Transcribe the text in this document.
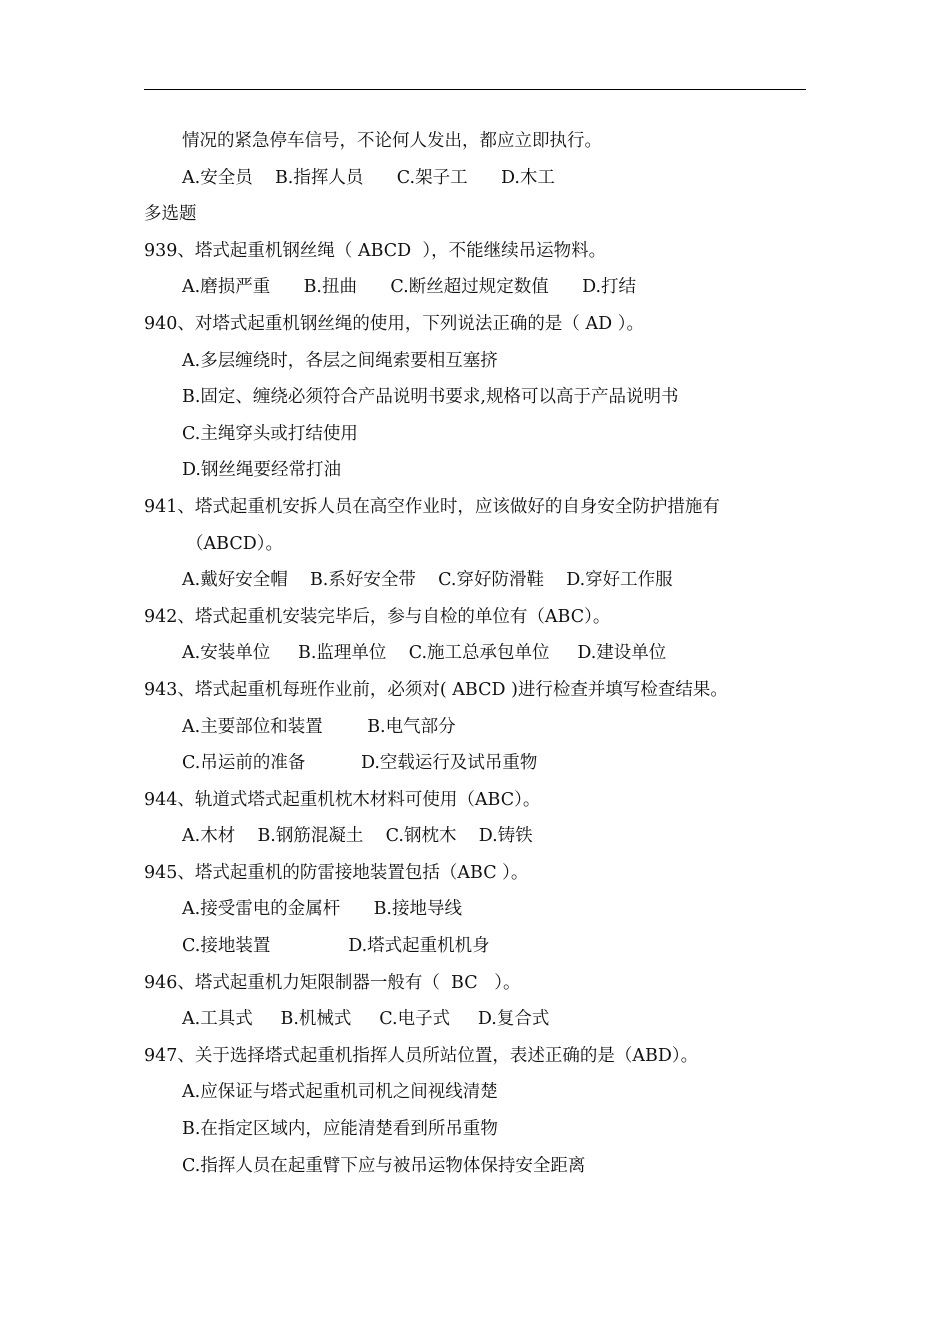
情况的紧急停车信号，不论何人发出，都应立即执行。
A.安全员    B.指挥人员      C.架子工      D.木工
多选题
939、塔式起重机钢丝绳（ ABCD  ），不能继续吊运物料。
A.磨损严重      B.扭曲      C.断丝超过规定数值      D.打结
940、对塔式起重机钢丝绳的使用，下列说法正确的是（ AD ）。
A.多层缠绕时，各层之间绳索要相互塞挤
B.固定、缠绕必须符合产品说明书要求,规格可以高于产品说明书
C.主绳穿头或打结使用
D.钢丝绳要经常打油
941、塔式起重机安拆人员在高空作业时，应该做好的自身安全防护措施有
（ABCD）。
A.戴好安全帽    B.系好安全带    C.穿好防滑鞋    D.穿好工作服
942、塔式起重机安装完毕后，参与自检的单位有（ABC）。
A.安装单位     B.监理单位    C.施工总承包单位     D.建设单位
943、塔式起重机每班作业前，必须对( ABCD )进行检查并填写检查结果。
A.主要部位和装置        B.电气部分
C.吊运前的准备          D.空载运行及试吊重物
944、轨道式塔式起重机枕木材料可使用（ABC）。
A.木材    B.钢筋混凝土    C.钢枕木    D.铸铁
945、塔式起重机的防雷接地装置包括（ABC ）。
A.接受雷电的金属杆      B.接地导线
C.接地装置              D.塔式起重机机身
946、塔式起重机力矩限制器一般有（  BC   ）。
A.工具式     B.机械式     C.电子式     D.复合式
947、关于选择塔式起重机指挥人员所站位置，表述正确的是（ABD）。
A.应保证与塔式起重机司机之间视线清楚
B.在指定区域内，应能清楚看到所吊重物
C.指挥人员在起重臂下应与被吊运物体保持安全距离
